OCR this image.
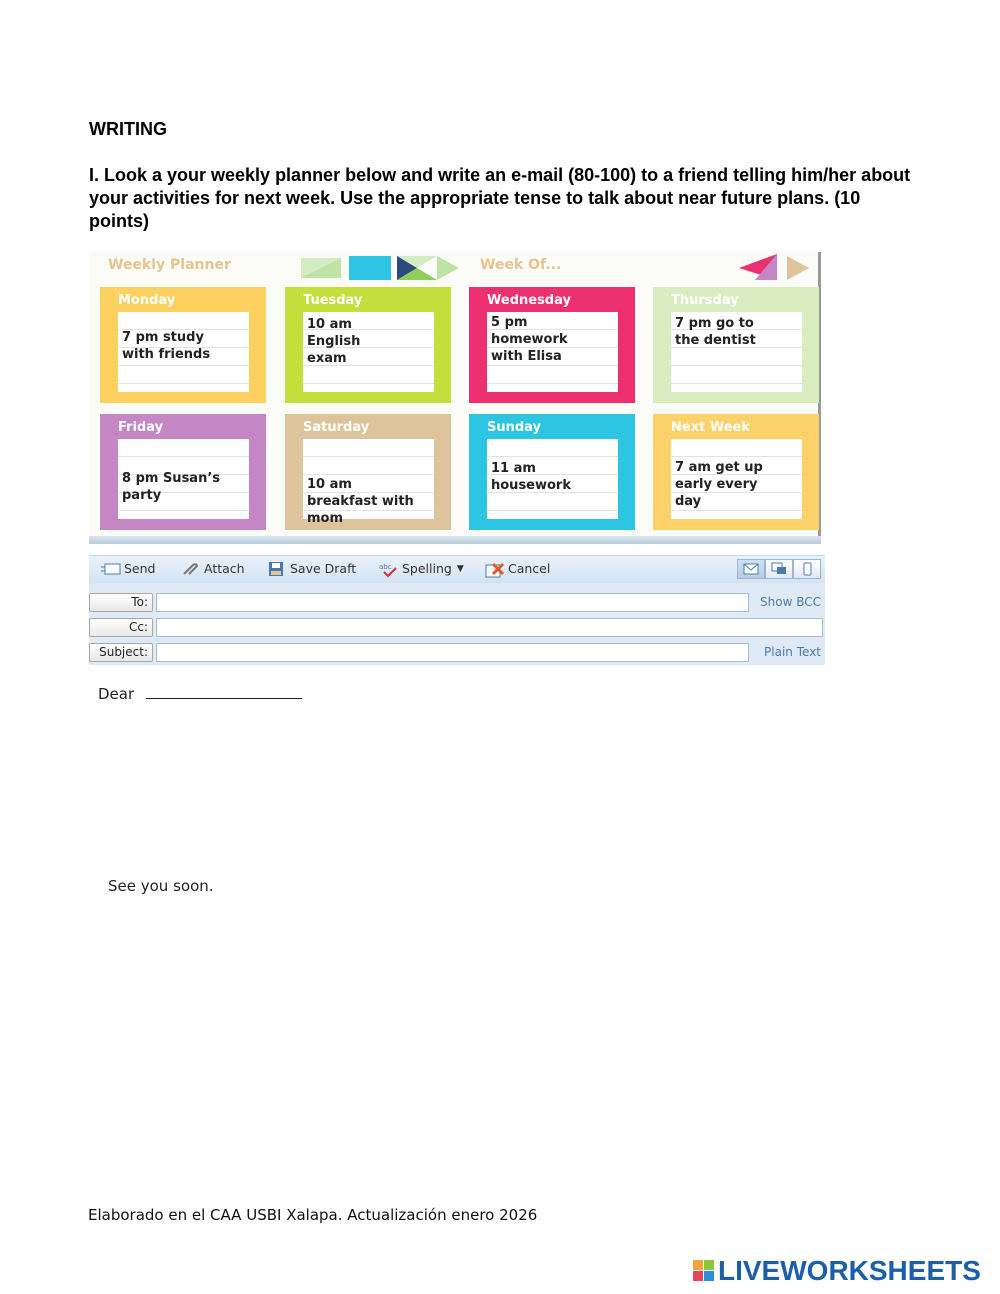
WRITING
I. Look a your weekly planner below and write an e-mail (80-100) to a friend telling him/her about your activities for next week. Use the appropriate tense to talk about near future plans. (10 points)
Weekly Planner	Week Of...
Monday
7 pm study
with friends
Tuesday
10 am
English
exam
Wednesday
5 pm
homework
with Elisa
Thursday
7 pm go to
the dentist
Friday
8 pm Susan’s
party
Saturday
10 am
breakfast with
mom
Sunday
11 am
housework
Next Week
7 am get up
early every
day
Send	Attach	Save Draft	abc Spelling ▼	Cancel
To:	Show BCC
Cc:
Subject:	Plain Text
Dear
See you soon.
Elaborado en el CAA USBI Xalapa. Actualización enero 2026
LIVEWORKSHEETS
